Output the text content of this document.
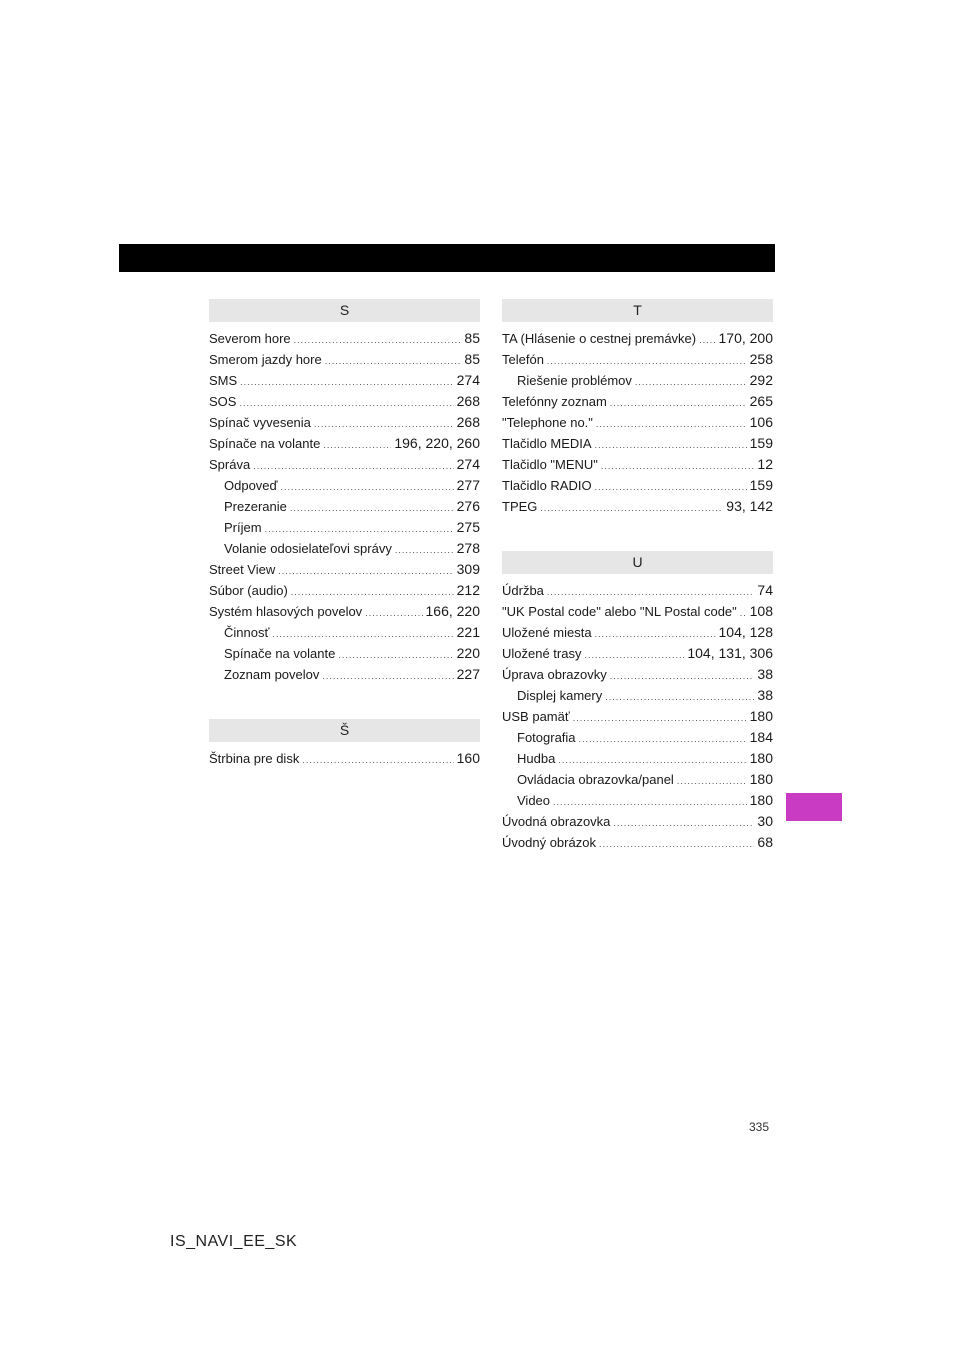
S
Severom hore .....	85
Smerom jazdy hore .....	85
SMS .....	274
SOS .....	268
Spínač vyvesenia .....	268
Spínače na volante .....	196, 220, 260
Správa .....	274
Odpoveď .....	277
Prezeranie .....	276
Príjem .....	275
Volanie odosielateľovi správy .....	278
Street View .....	309
Súbor (audio) .....	212
Systém hlasových povelov .....	166, 220
Činnosť .....	221
Spínače na volante .....	220
Zoznam povelov .....	227
Š
Štrbina pre disk .....	160
T
TA (Hlásenie o cestnej premávke) ..... 170, 200
Telefón .....	258
Riešenie problémov .....	292
Telefónny zoznam .....	265
"Telephone no." .....	106
Tlačidlo MEDIA .....	159
Tlačidlo "MENU" .....	12
Tlačidlo RADIO .....	159
TPEG .....	93, 142
U
Údržba .....	74
"UK Postal code" alebo "NL Postal code" ..... 108
Uložené miesta .....	104, 128
Uložené trasy .....	104, 131, 306
Úprava obrazovky .....	38
Displej kamery .....	38
USB pamäť .....	180
Fotografia .....	184
Hudba .....	180
Ovládacia obrazovka/panel .....	180
Video .....	180
Úvodná obrazovka .....	30
Úvodný obrázok .....	68
335
IS_NAVI_EE_SK
